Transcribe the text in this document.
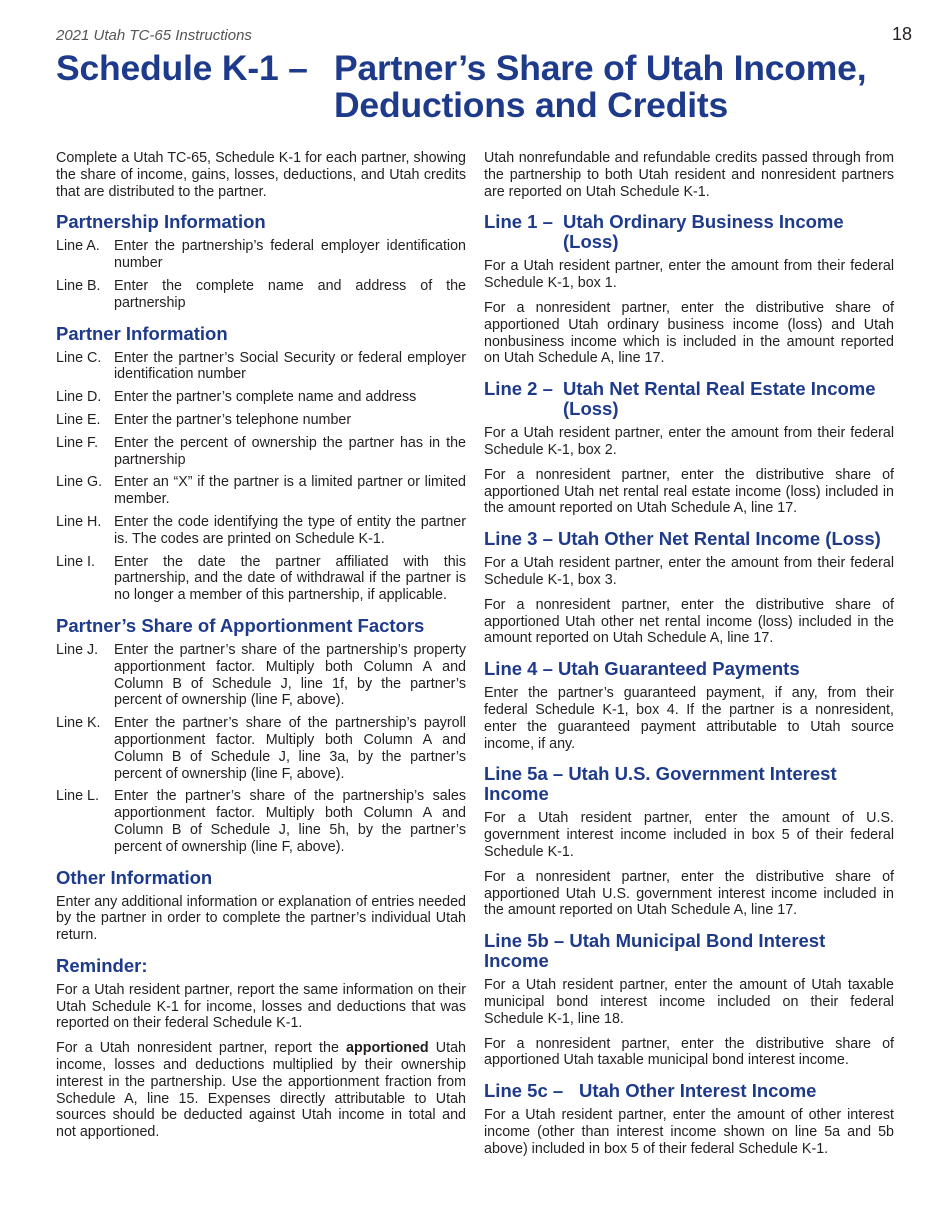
2021 Utah TC-65 Instructions	18
Schedule K-1 – Partner’s Share of Utah Income,
Deductions and Credits

Complete a Utah TC-65, Schedule K-1 for each partner, showing the share of income, gains, losses, deductions, and Utah credits that are distributed to the partner.

Partnership Information
Line A. Enter the partnership’s federal employer identification number
Line B. Enter the complete name and address of the partnership
Partner Information
Line C. Enter the partner’s Social Security or federal employer identification number
Line D. Enter the partner’s complete name and address
Line E. Enter the partner’s telephone number
Line F.	Enter the percent of ownership the partner has in the partnership
Line G. Enter an “X” if the partner is a limited partner or limited member.
Line H. Enter the code identifying the type of entity the partner is. The codes are printed on Schedule K-1.
Line I.	Enter the date the partner affiliated with this partnership, and the date of withdrawal if the partner is no longer a member of this partnership, if applicable.
Partner’s Share of Apportionment Factors
Line J.	Enter the partner’s share of the partnership’s property apportionment factor. Multiply both Column A and Column B of Schedule J, line 1f, by the partner’s percent of ownership (line F, above).
Line K. Enter the partner’s share of the partnership’s payroll apportionment factor. Multiply both Column A and Column B of Schedule J, line 3a, by the partner’s percent of ownership (line F, above).
Line L.	Enter the partner’s share of the partnership’s sales apportionment factor. Multiply both Column A and Column B of Schedule J, line 5h, by the partner’s percent of ownership (line F, above).
Other Information

Enter any additional information or explanation of entries needed by the partner in order to complete the partner’s individual Utah return.

Reminder:

For a Utah resident partner, report the same information on their Utah Schedule K-1 for income, losses and deductions that was reported on their federal Schedule K-1.

For a Utah nonresident partner, report the apportioned Utah income, losses and deductions multiplied by their ownership interest in the partnership. Use the apportionment fraction from Schedule A, line 15. Expenses directly attributable to Utah sources should be deducted against Utah income in total and not apportioned.

Utah nonrefundable and refundable credits passed through from the partnership to both Utah resident and nonresident partners are reported on Utah Schedule K-1.

Line 1 – Utah Ordinary Business Income (Loss)

For a Utah resident partner, enter the amount from their federal Schedule K-1, box 1.

For a nonresident partner, enter the distributive share of apportioned Utah ordinary business income (loss) and Utah nonbusiness income which is included in the amount reported on Utah Schedule A, line 17.

Line 2 – Utah Net Rental Real Estate Income (Loss)

For a Utah resident partner, enter the amount from their federal Schedule K-1, box 2.

For a nonresident partner, enter the distributive share of apportioned Utah net rental real estate income (loss) included in the amount reported on Utah Schedule A, line 17.

Line 3 – Utah Other Net Rental Income (Loss)

For a Utah resident partner, enter the amount from their federal Schedule K-1, box 3.

For a nonresident partner, enter the distributive share of apportioned Utah other net rental income (loss) included in the amount reported on Utah Schedule A, line 17.

Line 4 – Utah Guaranteed Payments

Enter the partner’s guaranteed payment, if any, from their federal Schedule K-1, box 4. If the partner is a nonresident, enter the guaranteed payment attributable to Utah source income, if any.

Line 5a – Utah U.S. Government Interest Income

For a Utah resident partner, enter the amount of U.S. government interest income included in box 5 of their federal Schedule K-1.

For a nonresident partner, enter the distributive share of apportioned Utah U.S. government interest income included in the amount reported on Utah Schedule A, line 17.

Line 5b – Utah Municipal Bond Interest Income

For a Utah resident partner, enter the amount of Utah taxable municipal bond interest income included on their federal Schedule K-1, line 18.

For a nonresident partner, enter the distributive share of apportioned Utah taxable municipal bond interest income.

Line 5c – Utah Other Interest Income

For a Utah resident partner, enter the amount of other interest income (other than interest income shown on line 5a and 5b above) included in box 5 of their federal Schedule K-1.
